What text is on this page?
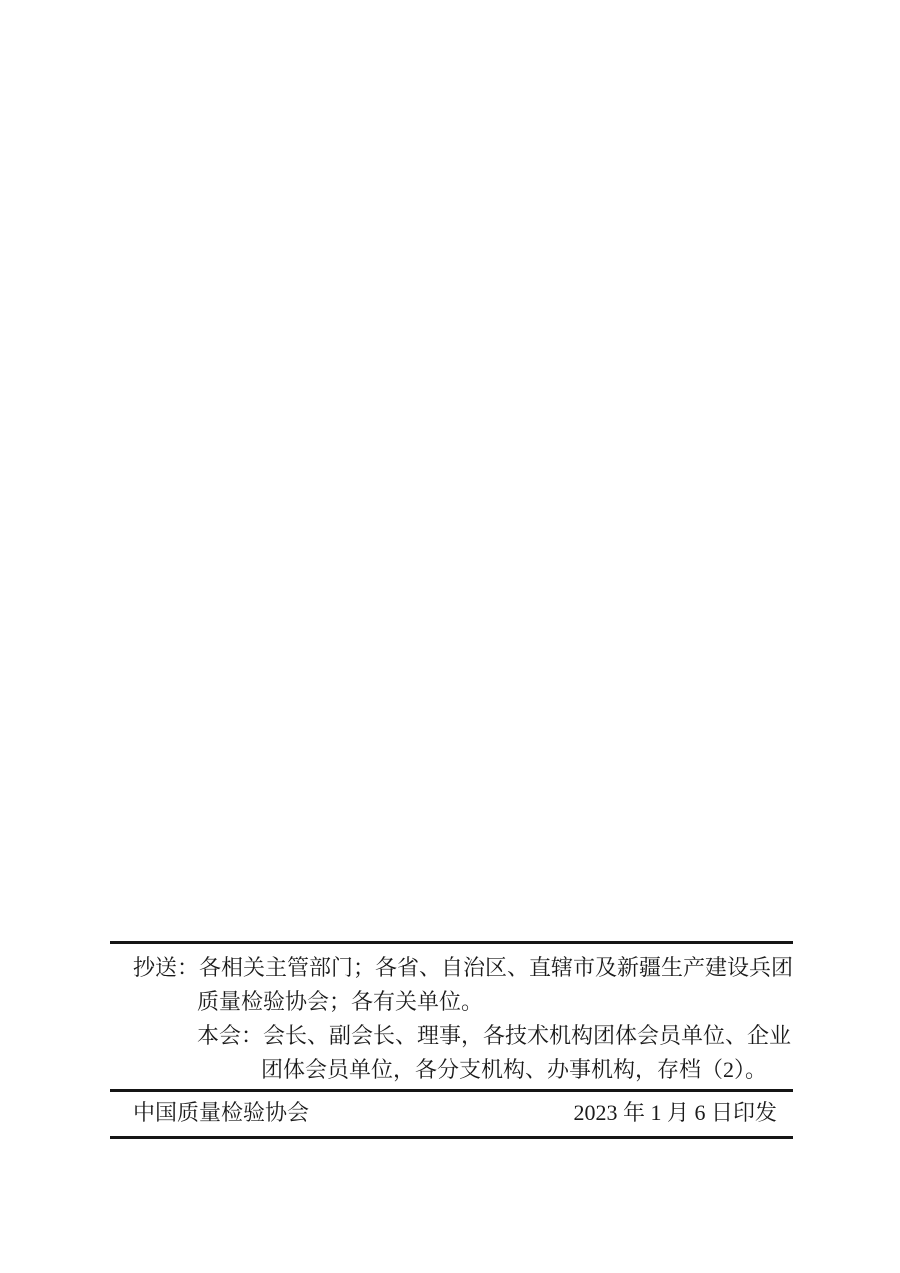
抄送：各相关主管部门；各省、自治区、直辖市及新疆生产建设兵团
质量检验协会；各有关单位。
本会：会长、副会长、理事，各技术机构团体会员单位、企业
团体会员单位，各分支机构、办事机构，存档（2）。
中国质量检验协会	2023 年 1 月 6 日印发
